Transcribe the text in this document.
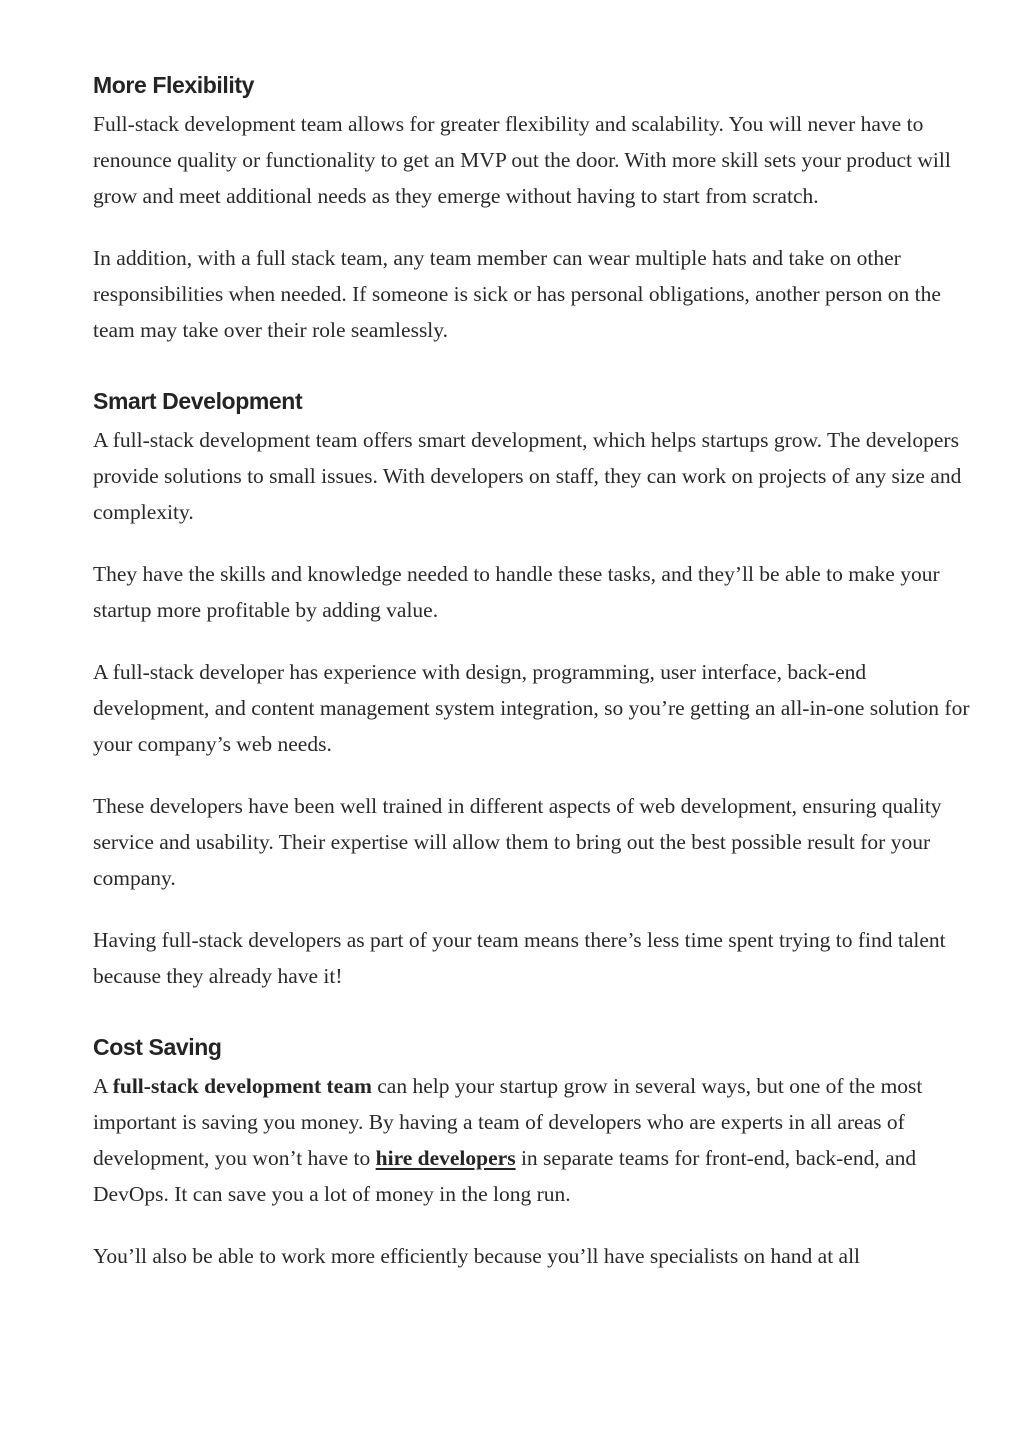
More Flexibility

Full-stack development team allows for greater flexibility and scalability. You will never have to renounce quality or functionality to get an MVP out the door. With more skill sets your product will grow and meet additional needs as they emerge without having to start from scratch.

In addition, with a full stack team, any team member can wear multiple hats and take on other responsibilities when needed. If someone is sick or has personal obligations, another person on the team may take over their role seamlessly.

Smart Development

A full-stack development team offers smart development, which helps startups grow. The developers provide solutions to small issues. With developers on staff, they can work on projects of any size and complexity.

They have the skills and knowledge needed to handle these tasks, and they’ll be able to make your startup more profitable by adding value.

A full-stack developer has experience with design, programming, user interface, back-end development, and content management system integration, so you’re getting an all-in-one solution for your company’s web needs.

These developers have been well trained in different aspects of web development, ensuring quality service and usability. Their expertise will allow them to bring out the best possible result for your company.

Having full-stack developers as part of your team means there’s less time spent trying to find talent because they already have it!

Cost Saving

A full-stack development team can help your startup grow in several ways, but one of the most important is saving you money. By having a team of developers who are experts in all areas of development, you won’t have to hire developers in separate teams for front-end, back-end, and DevOps. It can save you a lot of money in the long run.

You’ll also be able to work more efficiently because you’ll have specialists on hand at all
